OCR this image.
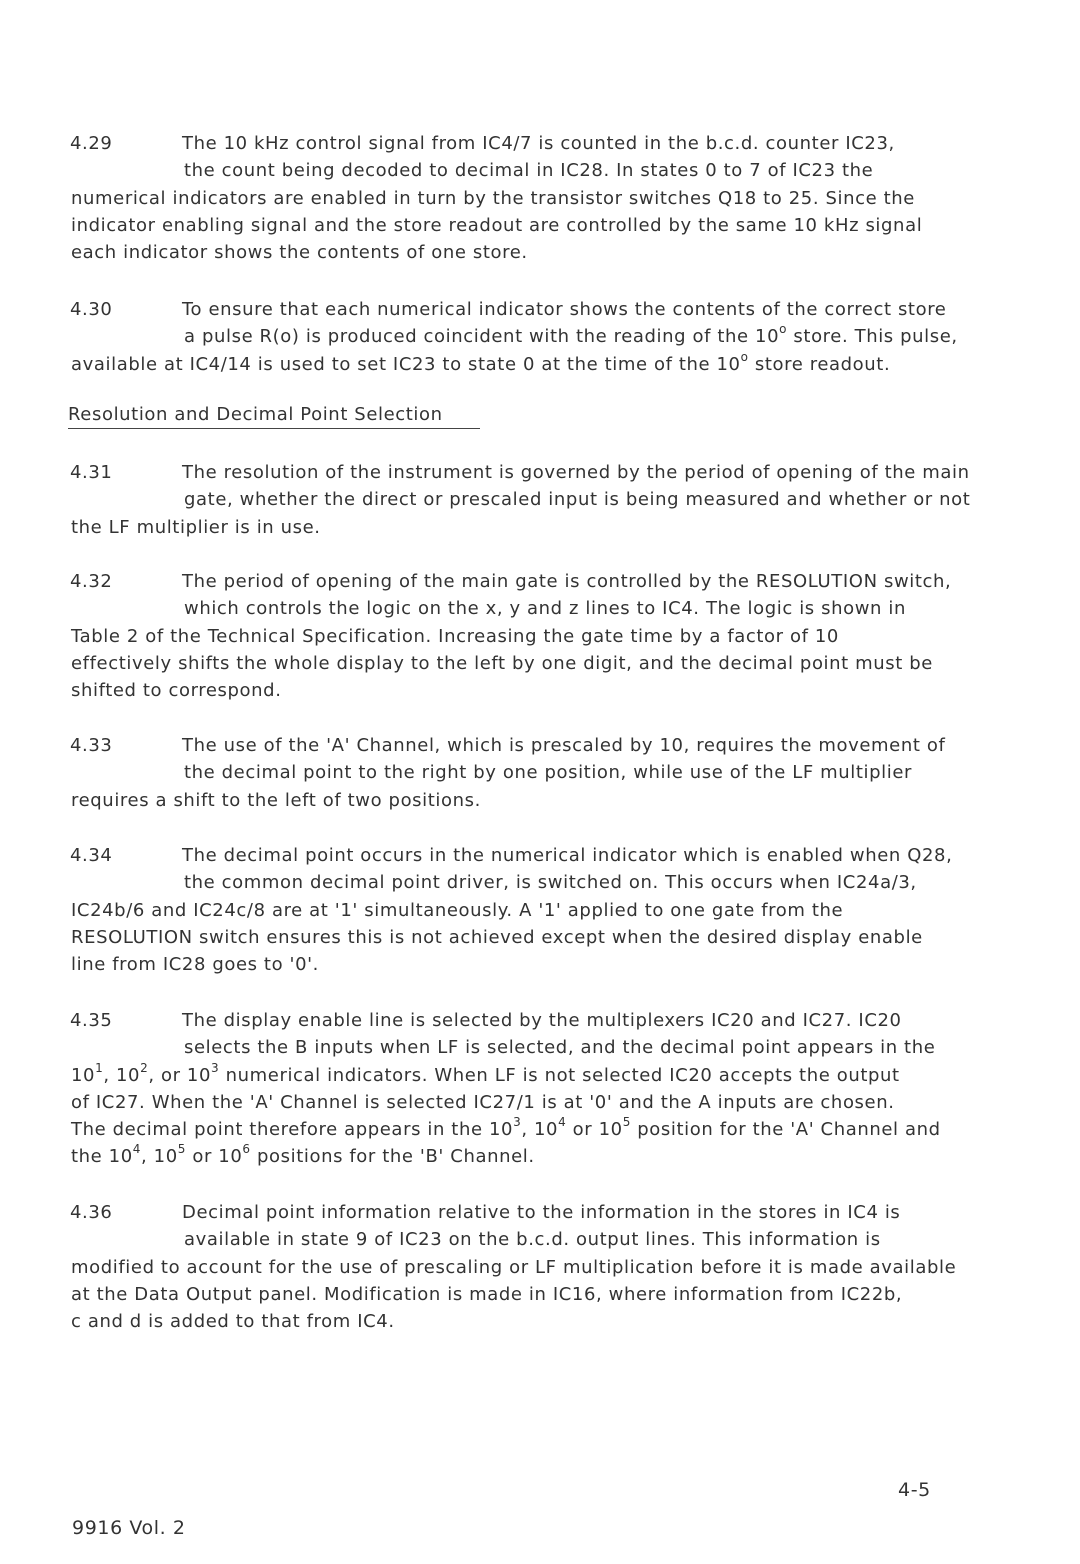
4.29	The 10 kHz control signal from IC4/7 is counted in the b.c.d. counter IC23,
the count being decoded to decimal in IC28. In states 0 to 7 of IC23 the
numerical indicators are enabled in turn by the transistor switches Q18 to 25. Since the
indicator enabling signal and the store readout are controlled by the same 10 kHz signal
each indicator shows the contents of one store.
4.30	To ensure that each numerical indicator shows the contents of the correct store
a pulse R(o) is produced coincident with the reading of the 10$^o$ store. This pulse,
available at IC4/14 is used to set IC23 to state 0 at the time of the 10$^o$ store readout.
Resolution and Decimal Point Selection
4.31	The resolution of the instrument is governed by the period of opening of the main
gate, whether the direct or prescaled input is being measured and whether or not
the LF multiplier is in use.
4.32	The period of opening of the main gate is controlled by the RESOLUTION switch,
which controls the logic on the x, y and z lines to IC4. The logic is shown in
Table 2 of the Technical Specification. Increasing the gate time by a factor of 10
effectively shifts the whole display to the left by one digit, and the decimal point must be
shifted to correspond.
4.33	The use of the 'A' Channel, which is prescaled by 10, requires the movement of
the decimal point to the right by one position, while use of the LF multiplier
requires a shift to the left of two positions.
4.34	The decimal point occurs in the numerical indicator which is enabled when Q28,
the common decimal point driver, is switched on. This occurs when IC24a/3,
IC24b/6 and IC24c/8 are at '1' simultaneously. A '1' applied to one gate from the
RESOLUTION switch ensures this is not achieved except when the desired display enable
line from IC28 goes to '0'.
4.35	The display enable line is selected by the multiplexers IC20 and IC27. IC20
selects the B inputs when LF is selected, and the decimal point appears in the
$10^1$, $10^2$, or $10^3$ numerical indicators. When LF is not selected IC20 accepts the output
of IC27. When the 'A' Channel is selected IC27/1 is at '0' and the A inputs are chosen.
The decimal point therefore appears in the $10^3$, $10^4$ or $10^5$ position for the 'A' Channel and
the $10^4$, $10^5$ or $10^6$ positions for the 'B' Channel.
4.36	Decimal point information relative to the information in the stores in IC4 is
available in state 9 of IC23 on the b.c.d. output lines. This information is
modified to account for the use of prescaling or LF multiplication before it is made available
at the Data Output panel. Modification is made in IC16, where information from IC22b,
c and d is added to that from IC4.
4-5
9916 Vol. 2
